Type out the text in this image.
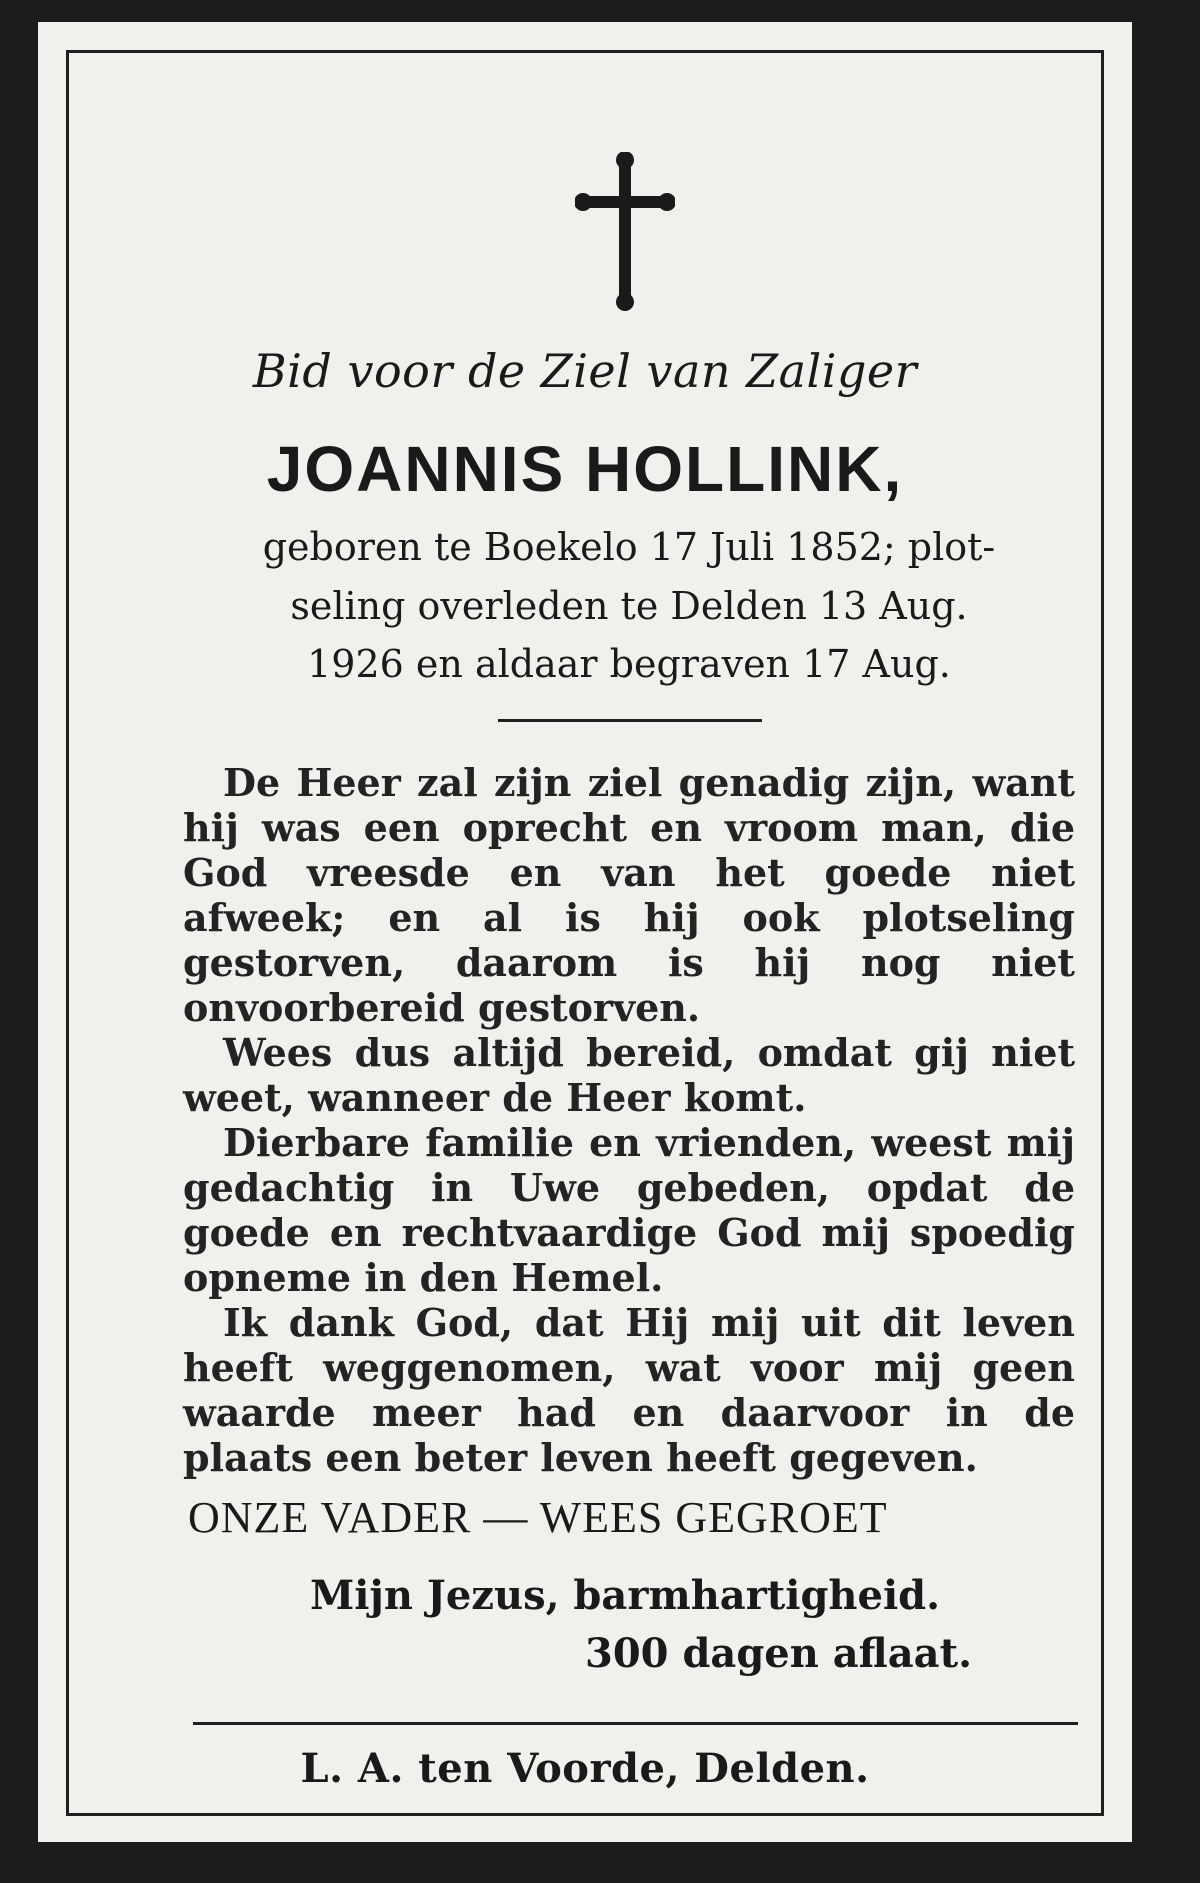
Bid voor de Ziel van Zaliger
JOANNIS HOLLINK,
geboren te Boekelo 17 Juli 1852; plot-
seling overleden te Delden 13 Aug.
1926 en aldaar begraven 17 Aug.

De Heer zal zijn ziel genadig zijn, want hij was een oprecht en vroom man, die God vreesde en van het goede niet afweek; en al is hij ook plotseling gestorven, daarom is hij nog niet onvoorbereid gestorven.

Wees dus altijd bereid, omdat gij niet weet, wanneer de Heer komt.

Dierbare familie en vrienden, weest mij gedachtig in Uwe gebeden, opdat de goede en rechtvaardige God mij spoedig opneme in den Hemel.

Ik dank God, dat Hij mij uit dit leven heeft weggenomen, wat voor mij geen waarde meer had en daarvoor in de plaats een beter leven heeft gegeven.

ONZE VADER — WEES GEGROET
Mijn Jezus, barmhartigheid.
300 dagen aflaat.
L. A. ten Voorde, Delden.
